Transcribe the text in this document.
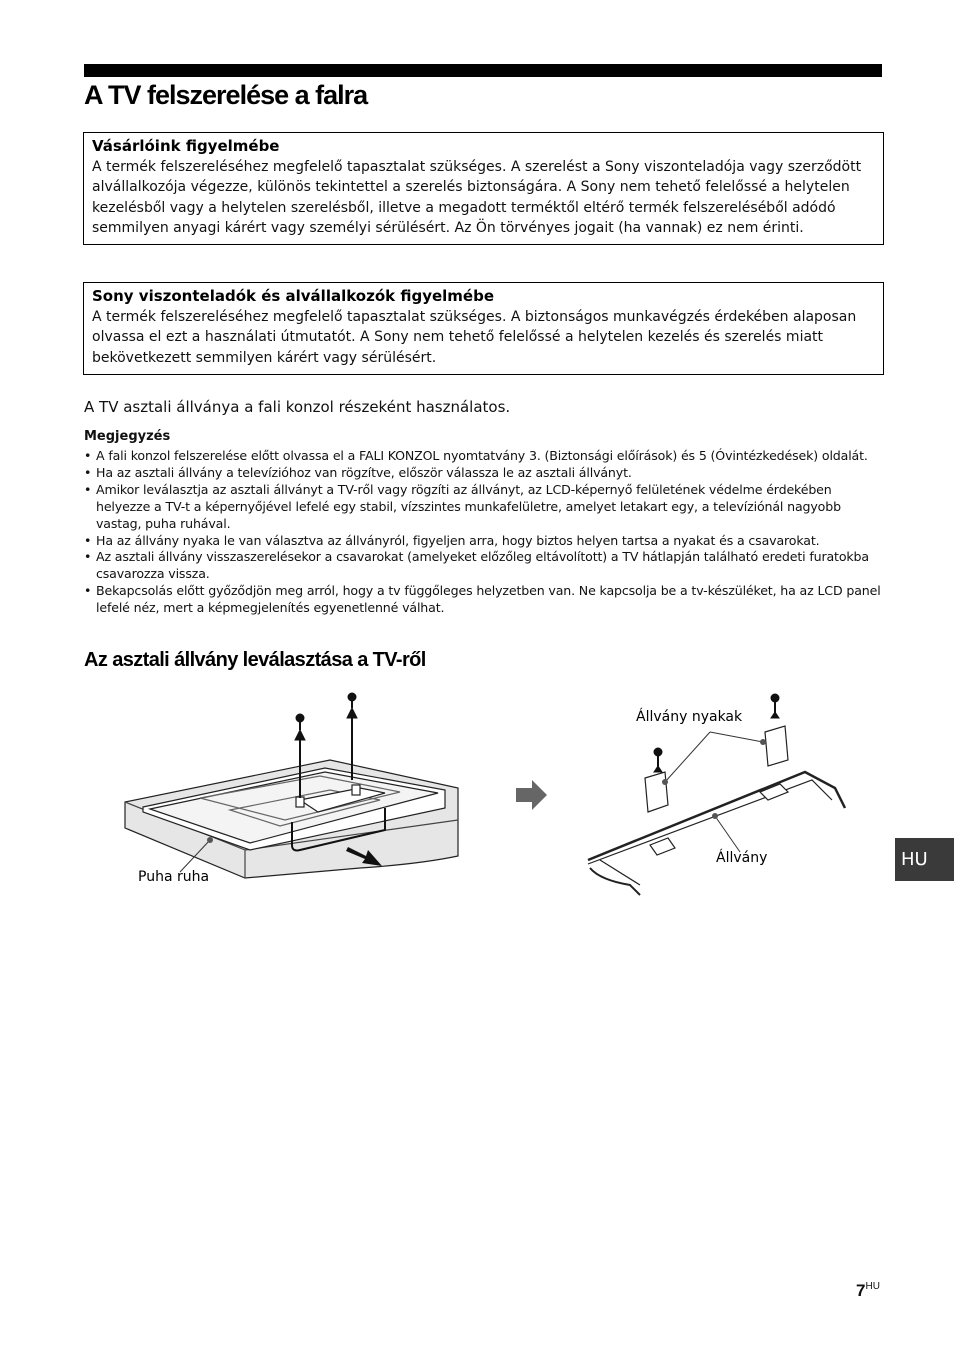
A TV felszerelése a falra
Vásárlóink figyelmébe

A termék felszereléséhez megfelelő tapasztalat szükséges. A szerelést a Sony viszonteladója vagy szerződött alvállalkozója végezze, különös tekintettel a szerelés biztonságára. A Sony nem tehető felelőssé a helytelen kezelésből vagy a helytelen szerelésből, illetve a megadott terméktől eltérő termék felszereléséből adódó semmilyen anyagi kárért vagy személyi sérülésért. Az Ön törvényes jogait (ha vannak) ez nem érinti.

Sony viszonteladók és alvállalkozók figyelmébe

A termék felszereléséhez megfelelő tapasztalat szükséges. A biztonságos munkavégzés érdekében alaposan olvassa el ezt a használati útmutatót. A Sony nem tehető felelőssé a helytelen kezelés és szerelés miatt bekövetkezett semmilyen kárért vagy sérülésért.

A TV asztali állványa a fali konzol részeként használatos.

Megjegyzés

• A fali konzol felszerelése előtt olvassa el a FALI KONZOL nyomtatvány 3. (Biztonsági előírások) és 5 (Óvintézkedések) oldalát.
• Ha az asztali állvány a televízióhoz van rögzítve, először válassza le az asztali állványt.
• Amikor leválasztja az asztali állványt a TV-ről vagy rögzíti az állványt, az LCD-képernyő felületének védelme érdekében helyezze a TV-t a képernyőjével lefelé egy stabil, vízszintes munkafelületre, amelyet letakart egy, a televíziónál nagyobb vastag, puha ruhával.
• Ha az állvány nyaka le van választva az állványról, figyeljen arra, hogy biztos helyen tartsa a nyakat és a csavarokat.
• Az asztali állvány visszaszerelésekor a csavarokat (amelyeket előzőleg eltávolított) a TV hátlapján található eredeti furatokba csavarozza vissza.
• Bekapcsolás előtt győződjön meg arról, hogy a tv függőleges helyzetben van. Ne kapcsolja be a tv-készüléket, ha az LCD panel lefelé néz, mert a képmegjelenítés egyenetlenné válhat.
Az asztali állvány leválasztása a TV-ről
Puha ruha
Állvány nyakak
Állvány	HU
$7^{HU}$
